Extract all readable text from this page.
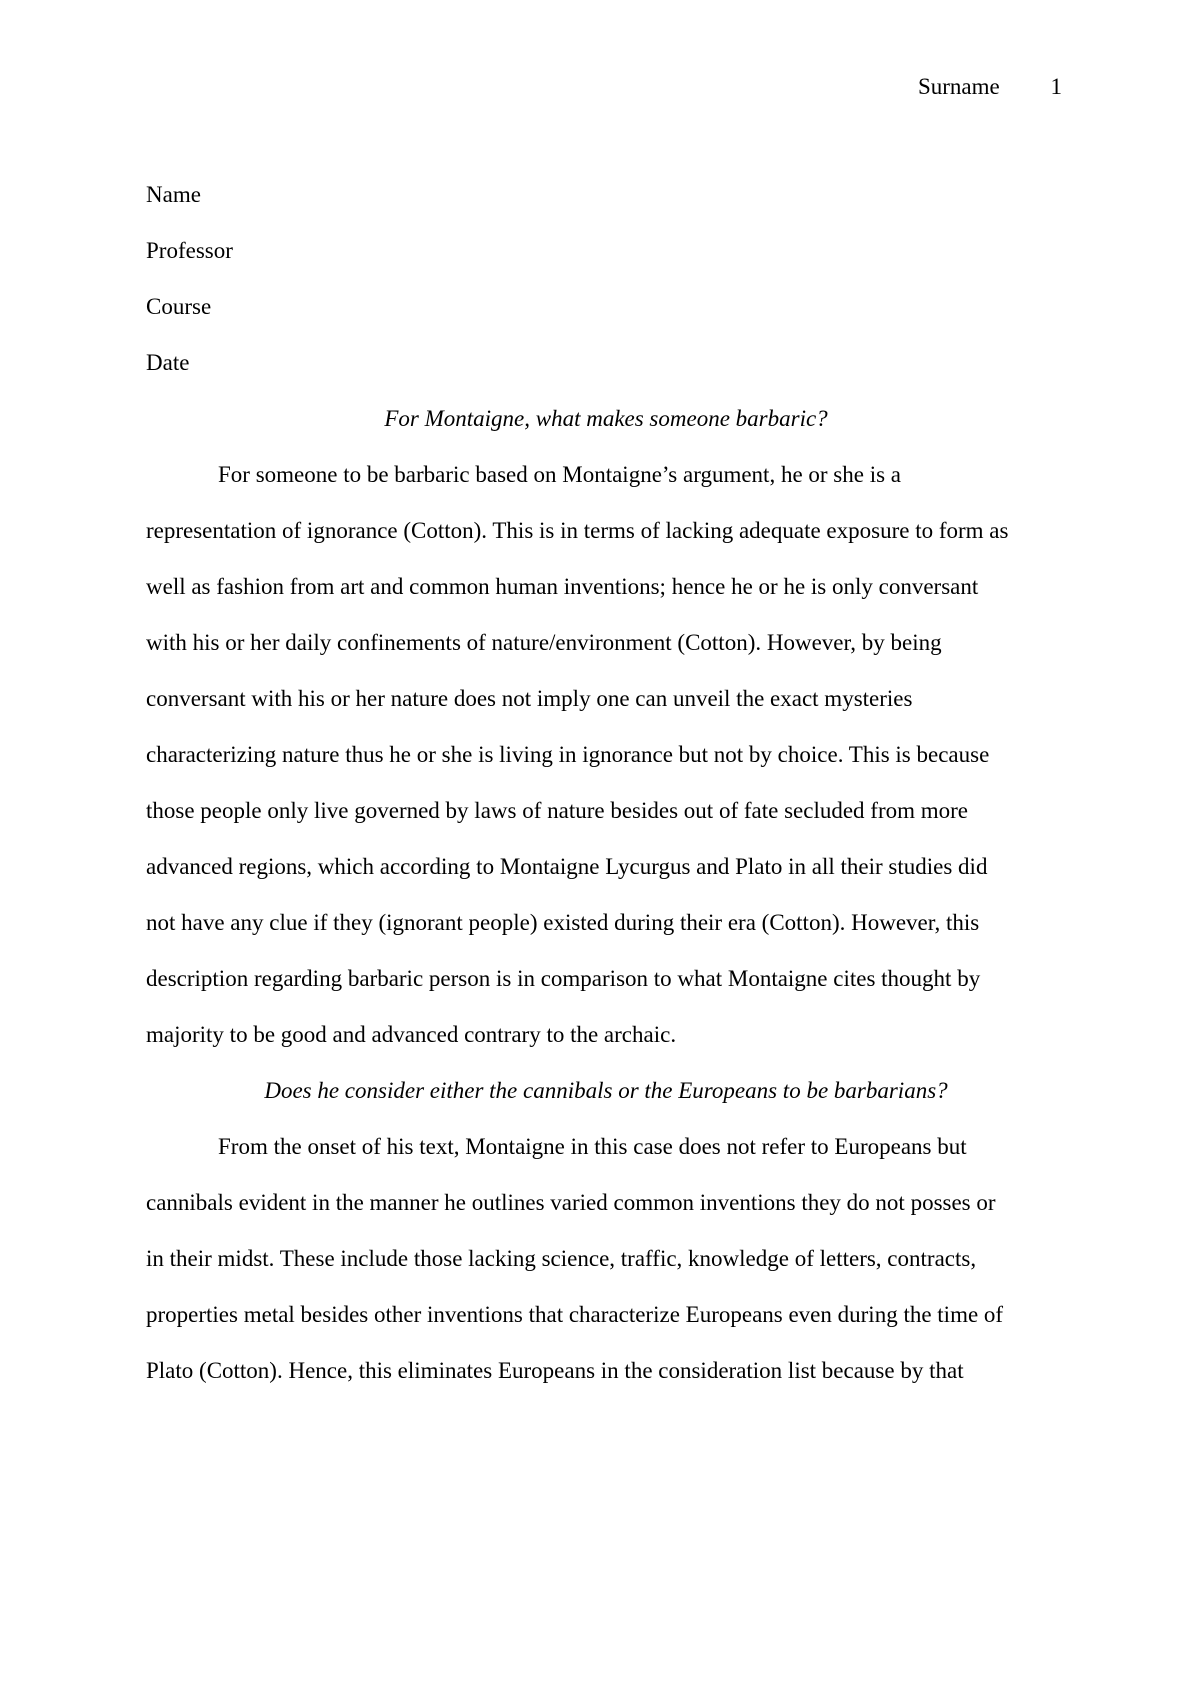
Surname 1

Name

Professor

Course

Date

For Montaigne, what makes someone barbaric?

For someone to be barbaric based on Montaigne’s argument, he or she is a
representation of ignorance (Cotton). This is in terms of lacking adequate exposure to form as
well as fashion from art and common human inventions; hence he or he is only conversant
with his or her daily confinements of nature/environment (Cotton). However, by being
conversant with his or her nature does not imply one can unveil the exact mysteries
characterizing nature thus he or she is living in ignorance but not by choice. This is because
those people only live governed by laws of nature besides out of fate secluded from more
advanced regions, which according to Montaigne Lycurgus and Plato in all their studies did
not have any clue if they (ignorant people) existed during their era (Cotton). However, this
description regarding barbaric person is in comparison to what Montaigne cites thought by
majority to be good and advanced contrary to the archaic.

Does he consider either the cannibals or the Europeans to be barbarians?

From the onset of his text, Montaigne in this case does not refer to Europeans but
cannibals evident in the manner he outlines varied common inventions they do not posses or
in their midst. These include those lacking science, traffic, knowledge of letters, contracts,
properties metal besides other inventions that characterize Europeans even during the time of
Plato (Cotton). Hence, this eliminates Europeans in the consideration list because by that
